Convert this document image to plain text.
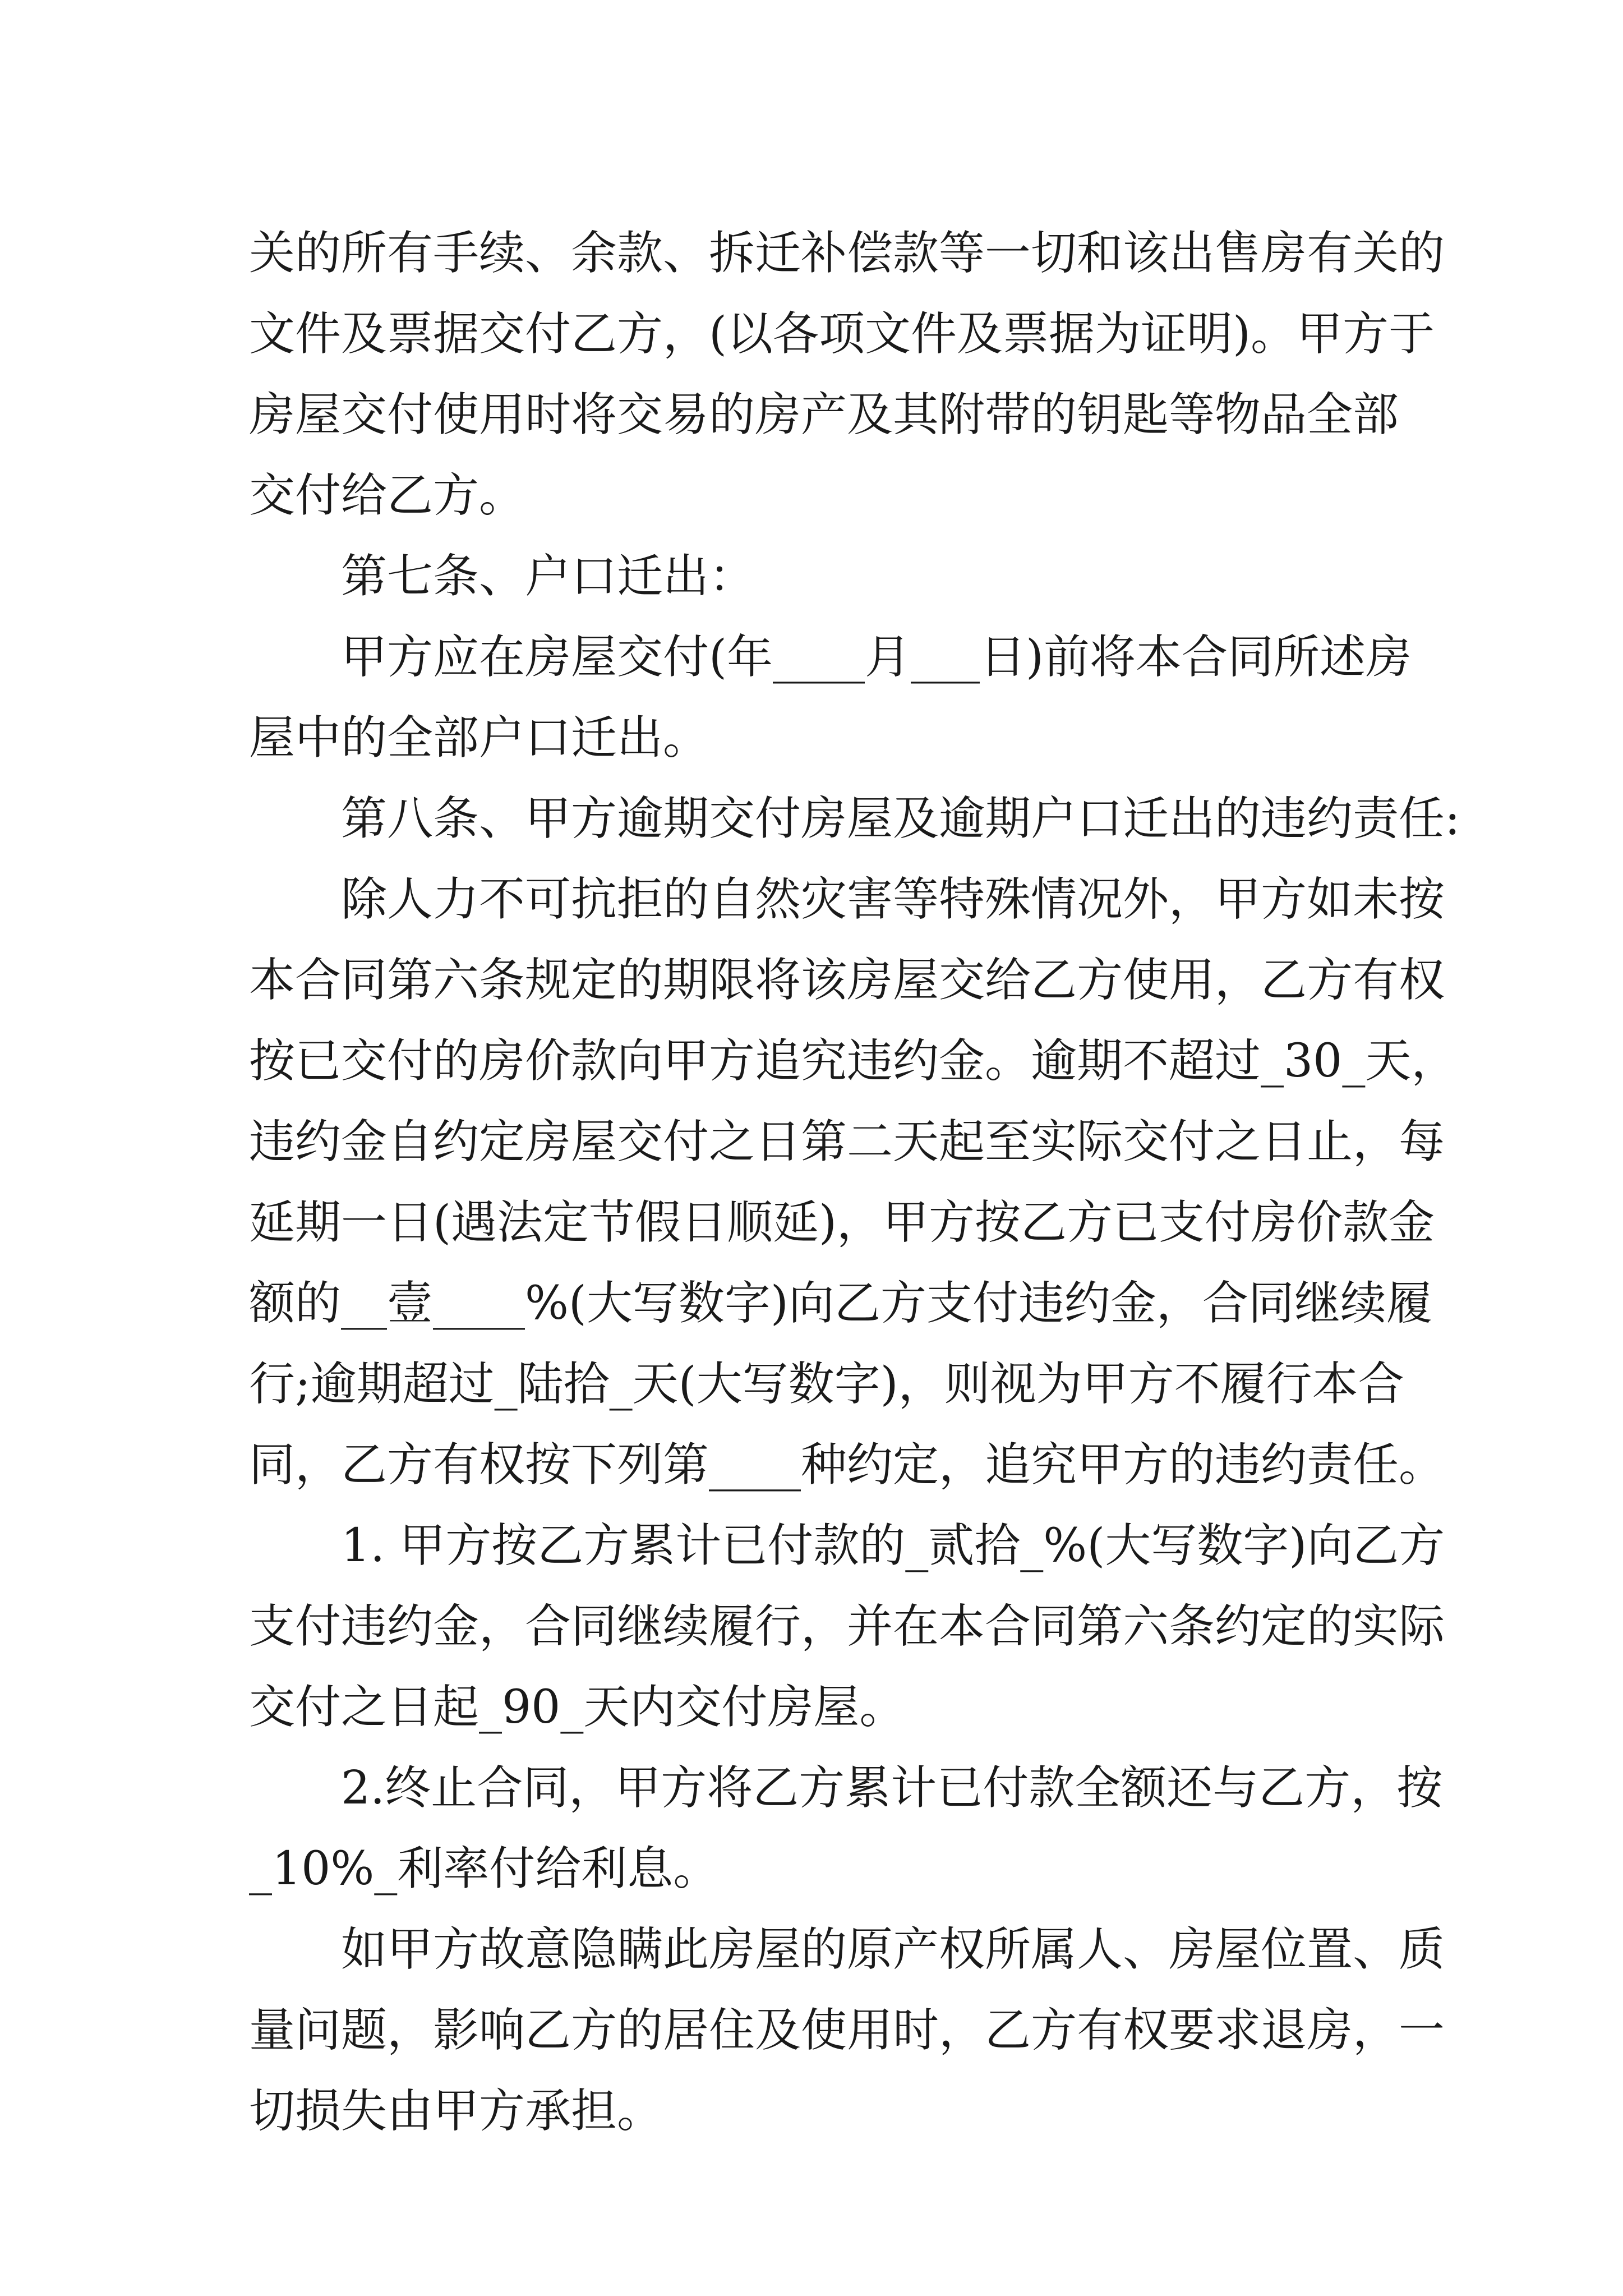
关的所有手续、余款、拆迁补偿款等一切和该出售房有关的
文件及票据交付乙方，(以各项文件及票据为证明)。甲方于
房屋交付使用时将交易的房产及其附带的钥匙等物品全部
交付给乙方。
第七条、户口迁出：
甲方应在房屋交付(年____月___日)前将本合同所述房
屋中的全部户口迁出。
第八条、甲方逾期交付房屋及逾期户口迁出的违约责任:
除人力不可抗拒的自然灾害等特殊情况外，甲方如未按
本合同第六条规定的期限将该房屋交给乙方使用，乙方有权
按已交付的房价款向甲方追究违约金。逾期不超过_30_天，
违约金自约定房屋交付之日第二天起至实际交付之日止，每
延期一日(遇法定节假日顺延)，甲方按乙方已支付房价款金
额的__壹____%(大写数字)向乙方支付违约金，合同继续履
行;逾期超过_陆拾_天(大写数字)，则视为甲方不履行本合
同，乙方有权按下列第____种约定，追究甲方的违约责任。
1. 甲方按乙方累计已付款的_贰拾_%(大写数字)向乙方
支付违约金，合同继续履行，并在本合同第六条约定的实际
交付之日起_90_天内交付房屋。
2.终止合同，甲方将乙方累计已付款全额还与乙方，按
_10%_利率付给利息。
如甲方故意隐瞒此房屋的原产权所属人、房屋位置、质
量问题，影响乙方的居住及使用时，乙方有权要求退房，一
切损失由甲方承担。
